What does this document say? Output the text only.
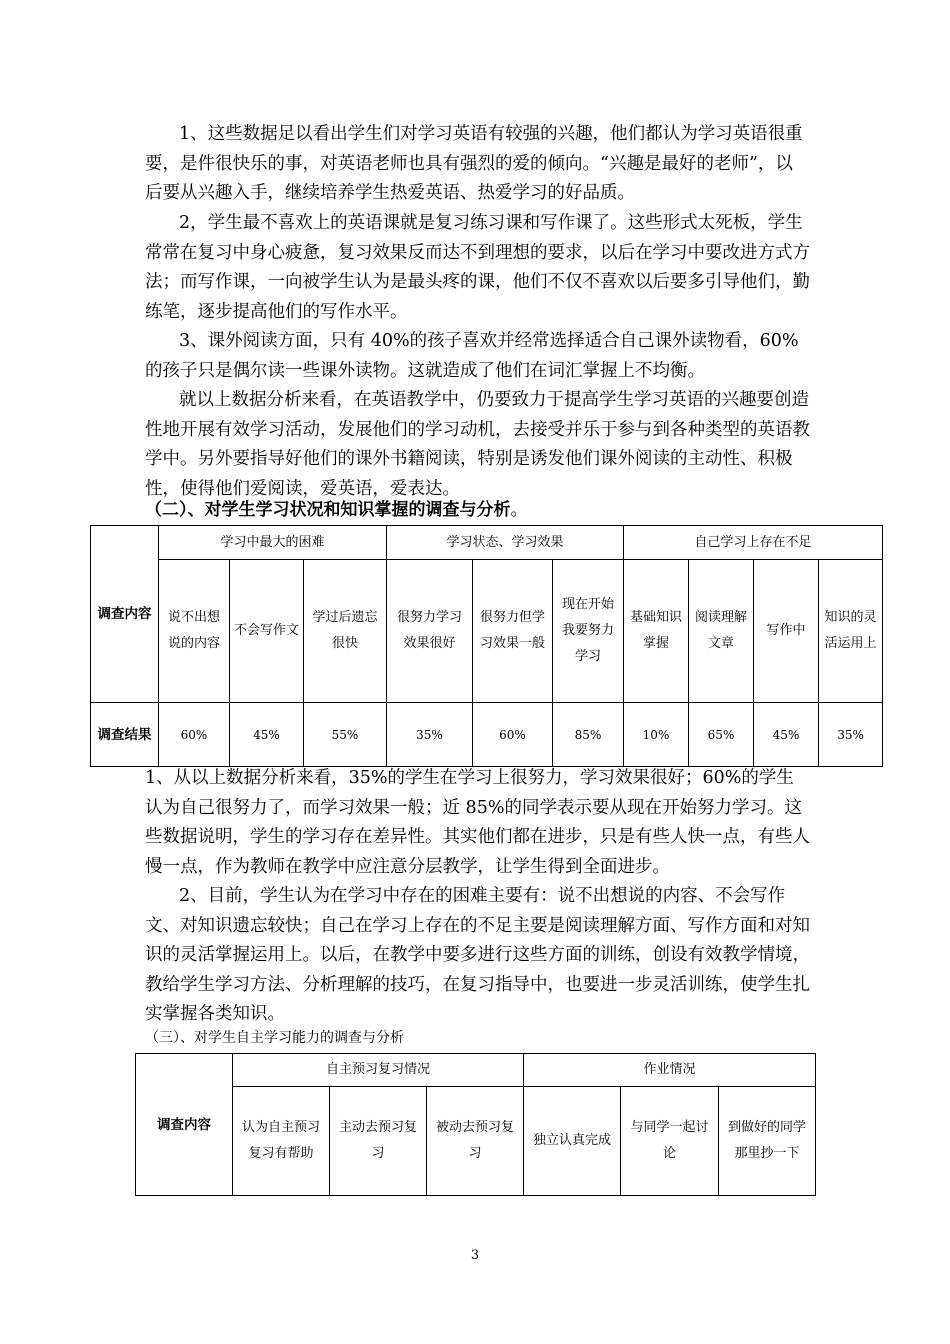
1、这些数据足以看出学生们对学习英语有较强的兴趣，他们都认为学习英语很重要，是件很快乐的事，对英语老师也具有强烈的爱的倾向。“兴趣是最好的老师”，以后要从兴趣入手，继续培养学生热爱英语、热爱学习的好品质。

2，学生最不喜欢上的英语课就是复习练习课和写作课了。这些形式太死板，学生常常在复习中身心疲惫，复习效果反而达不到理想的要求，以后在学习中要改进方式方法；而写作课，一向被学生认为是最头疼的课，他们不仅不喜欢以后要多引导他们，勤练笔，逐步提高他们的写作水平。

3、课外阅读方面，只有 40%的孩子喜欢并经常选择适合自己课外读物看，60%的孩子只是偶尔读一些课外读物。这就造成了他们在词汇掌握上不均衡。

就以上数据分析来看，在英语教学中，仍要致力于提高学生学习英语的兴趣要创造性地开展有效学习活动，发展他们的学习动机，去接受并乐于参与到各种类型的英语教学中。另外要指导好他们的课外书籍阅读，特别是诱发他们课外阅读的主动性、积极性，使得他们爱阅读，爱英语，爱表达。

（二）、对学生学习状况和知识掌握的调查与分析。
调查内容	学习中最大的困难			学习状态、学习效果			自己学习上存在不足			
	说不出想说的内容	不会写作文	学过后遗忘很快	很努力学习效果很好	很努力但学习效果一般	现在开始我要努力学习	基础知识掌握	阅读理解文章	写作中	知识的灵活运用上
调查结果	60%	45%	55%	35%	60%	85%	10%	65%	45%	35%

1、从以上数据分析来看，35%的学生在学习上很努力，学习效果很好；60%的学生认为自己很努力了，而学习效果一般；近 85%的同学表示要从现在开始努力学习。这些数据说明，学生的学习存在差异性。其实他们都在进步，只是有些人快一点，有些人慢一点，作为教师在教学中应注意分层教学，让学生得到全面进步。

2、目前，学生认为在学习中存在的困难主要有：说不出想说的内容、不会写作文、对知识遗忘较快；自己在学习上存在的不足主要是阅读理解方面、写作方面和对知识的灵活掌握运用上。以后，在教学中要多进行这些方面的训练，创设有效教学情境，教给学生学习方法、分析理解的技巧，在复习指导中，也要进一步灵活训练，使学生扎实掌握各类知识。

（三）、对学生自主学习能力的调查与分析
调查内容	自主预习复习情况			作业情况		
	认为自主预习复习有帮助	主动去预习复习	被动去预习复习	独立认真完成	与同学一起讨论	到做好的同学那里抄一下
3
